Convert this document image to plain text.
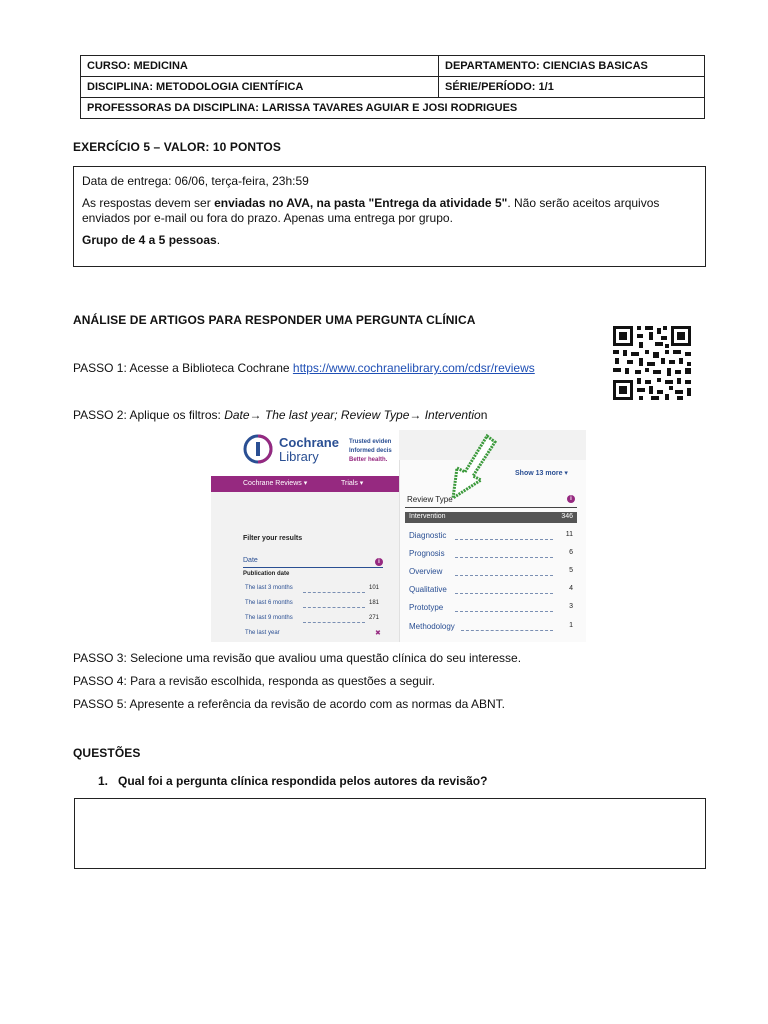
CURSO: MEDICINA	DEPARTAMENTO: CIENCIAS BASICAS
DISCIPLINA: METODOLOGIA CIENTÍFICA	SÉRIE/PERÍODO: 1/1
PROFESSORAS DA DISCIPLINA: LARISSA TAVARES AGUIAR E JOSI RODRIGUES	
EXERCÍCIO 5 – VALOR: 10 PONTOS

Data de entrega: 06/06, terça-feira, 23h:59

As respostas devem ser enviadas no AVA, na pasta "Entrega da atividade 5". Não serão aceitos arquivos

enviados por e-mail ou fora do prazo. Apenas uma entrega por grupo.

Grupo de 4 a 5 pessoas.

ANÁLISE DE ARTIGOS PARA RESPONDER UMA PERGUNTA CLÍNICA
PASSO 1: Acesse a Biblioteca Cochrane https://www.cochranelibrary.com/cdsr/reviews
PASSO 2: Aplique os filtros: Date→ The last year; Review Type→ Intervention
Cochrane
Library
Trusted eviden
Informed decis
Better health.
Cochrane Reviews ▾	Trials ▾
Filter your results
Date	i
Publication date
The last 3 months	101
The last 6 months	181
The last 9 months	271
The last year	✖
Show 13 more ▾
Review Type	i
Intervention	346
Diagnostic	11
Prognosis	6
Overview	5
Qualitative	4
Prototype	3
Methodology	1
PASSO 3: Selecione uma revisão que avaliou uma questão clínica do seu interesse.
PASSO 4: Para a revisão escolhida, responda as questões a seguir.
PASSO 5: Apresente a referência da revisão de acordo com as normas da ABNT.
QUESTÕES
1. Qual foi a pergunta clínica respondida pelos autores da revisão?
